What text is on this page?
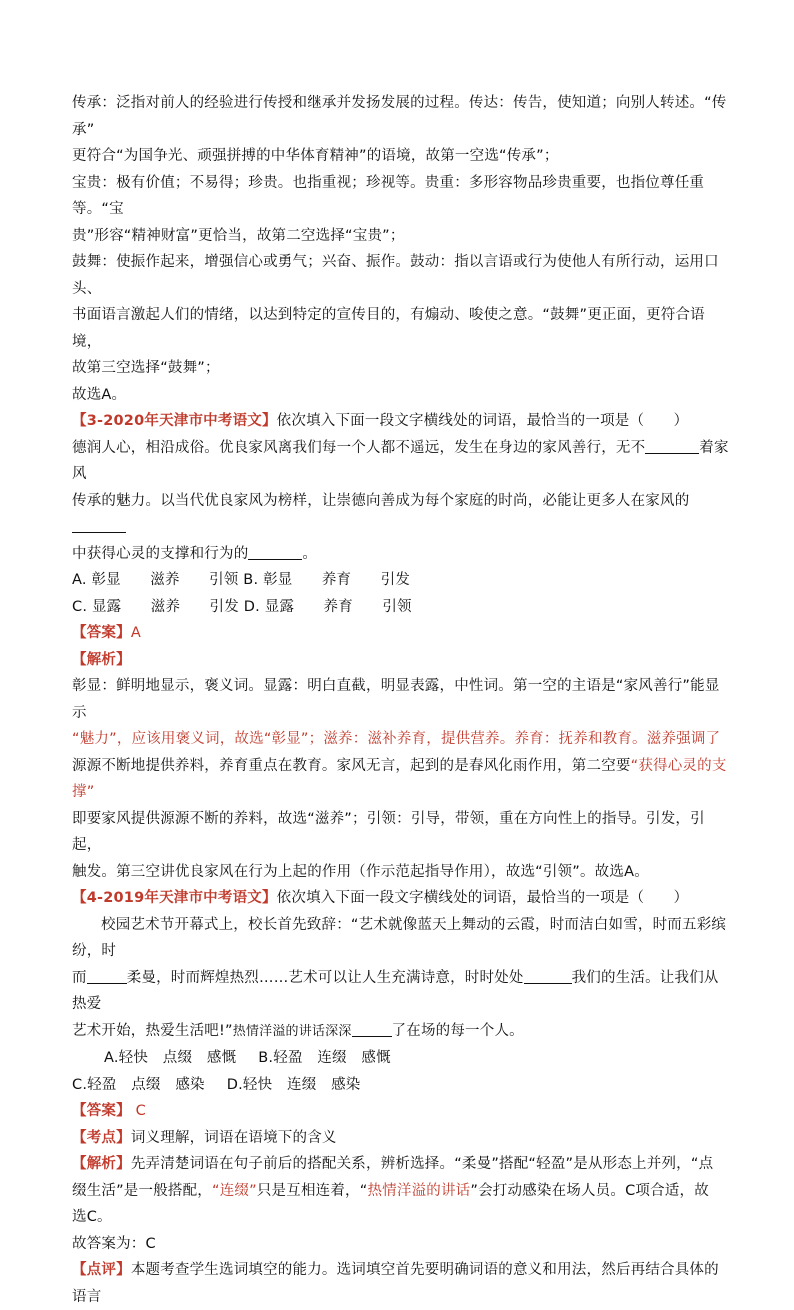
传承：泛指对前人的经验进行传授和继承并发扬发展的过程。传达：传告，使知道；向别人转述。“传承”

更符合“为国争光、顽强拼搏的中华体育精神”的语境，故第一空选“传承”；

宝贵：极有价值；不易得；珍贵。也指重视；珍视等。贵重：多形容物品珍贵重要，也指位尊任重等。“宝

贵”形容“精神财富”更恰当，故第二空选择“宝贵”；

鼓舞：使振作起来，增强信心或勇气；兴奋、振作。鼓动：指以言语或行为使他人有所行动，运用口头、

书面语言激起人们的情绪，以达到特定的宣传目的，有煽动、唆使之意。“鼓舞”更正面，更符合语境，

故第三空选择“鼓舞”；

故选A。

【3-2020年天津市中考语文】依次填入下面一段文字横线处的词语，最恰当的一项是（　　）

德润人心，相沿成俗。优良家风离我们每一个人都不遥远，发生在身边的家风善行，无不	着家风

传承的魅力。以当代优良家风为榜样，让崇德向善成为每个家庭的时尚，必能让更多人在家风的

中获得心灵的支撑和行为的	。

A. 彰显　　滋养　　引领 B. 彰显　　养育　　引发

C. 显露　　滋养　　引发 D. 显露　　养育　　引领

【答案】A

【解析】

彰显：鲜明地显示，褒义词。显露：明白直截，明显表露，中性词。第一空的主语是“家风善行”能显示

“魅力”，应该用褒义词，故选“彰显”；滋养：滋补养育，提供营养。养育：抚养和教育。滋养强调了

源源不断地提供养料，养育重点在教育。家风无言，起到的是春风化雨作用，第二空要“获得心灵的支撑”

即要家风提供源源不断的养料，故选“滋养”；引领：引导，带领，重在方向性上的指导。引发，引起，

触发。第三空讲优良家风在行为上起的作用（作示范起指导作用），故选“引领”。故选A。

【4-2019年天津市中考语文】依次填入下面一段文字横线处的词语，最恰当的一项是（　　）

校园艺术节开幕式上，校长首先致辞：“艺术就像蓝天上舞动的云霞，时而洁白如雪，时而五彩缤纷，时

而	柔曼，时而辉煌热烈……艺术可以让人生充满诗意，时时处处	我们的生活。让我们从热爱

艺术开始，热爱生活吧!”热情洋溢的讲话深深	了在场的每一个人。

A.轻快　点缀　感慨 B.轻盈　连缀　感慨

C.轻盈　点缀　感染 D.轻快　连缀　感染

【答案】 C

【考点】词义理解，词语在语境下的含义

【解析】先弄清楚词语在句子前后的搭配关系，辨析选择。“柔曼”搭配“轻盈”是从形态上并列，“点

缀生活”是一般搭配，“连缀”只是互相连着，“热情洋溢的讲话”会打动感染在场人员。C项合适，故

选C。

故答案为：C

【点评】本题考查学生选词填空的能力。选词填空首先要明确词语的意义和用法，然后再结合具体的语言
